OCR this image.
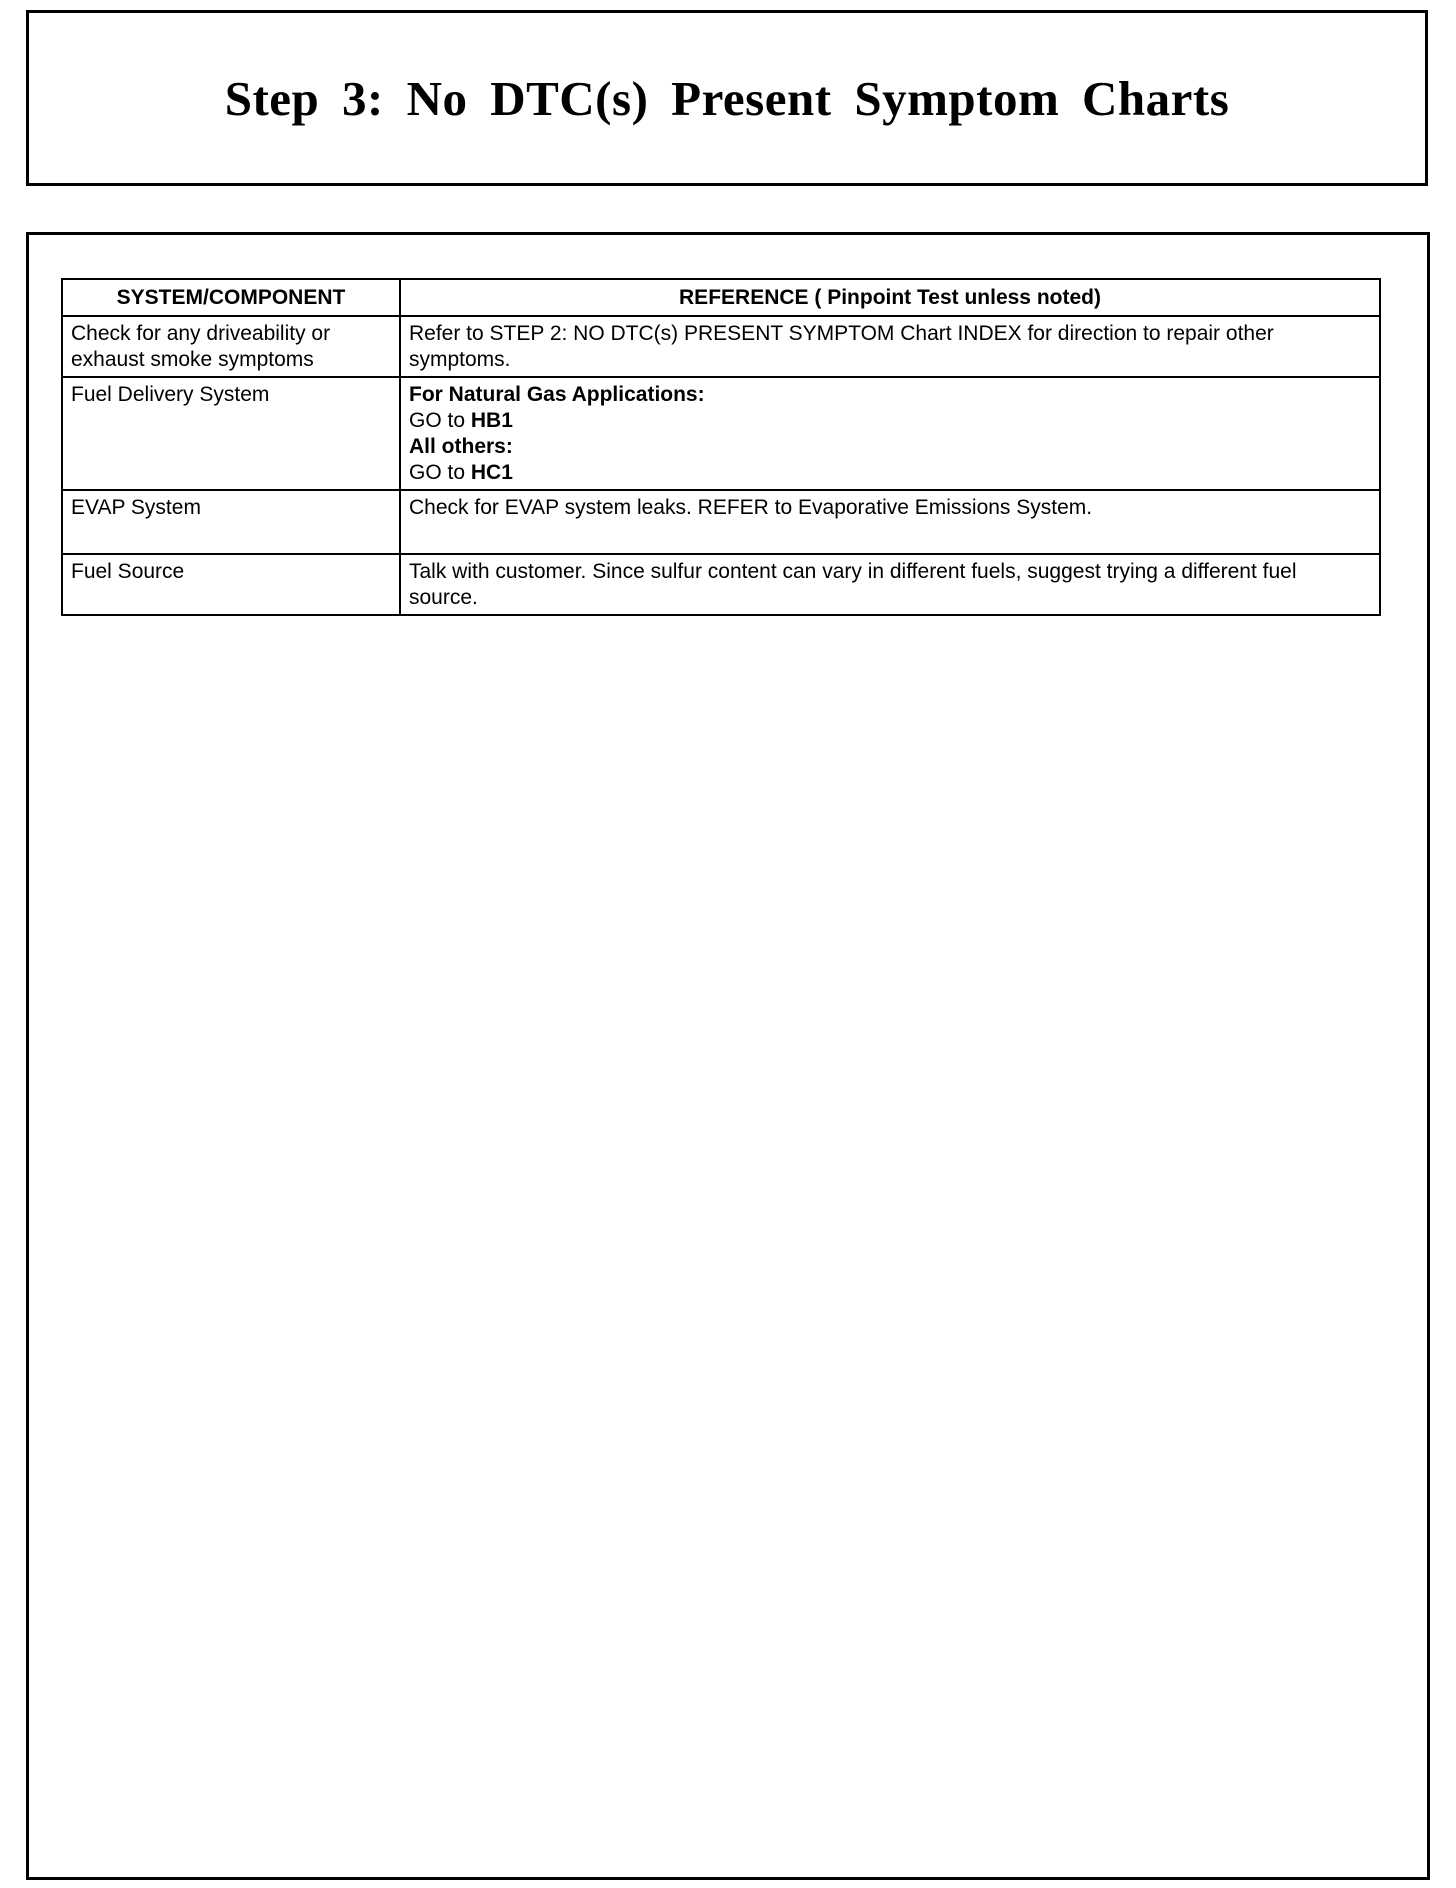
Step 3: No DTC(s) Present Symptom Charts
SYSTEM/COMPONENT	REFERENCE ( Pinpoint Test unless noted)
Check for any driveability or exhaust smoke symptoms	Refer to STEP 2: NO DTC(s) PRESENT SYMPTOM Chart INDEX for direction to repair other symptoms.
Fuel Delivery System	For Natural Gas Applications:
GO to HB1
All others:
GO to HC1

EVAP System	Check for EVAP system leaks. REFER to Evaporative Emissions System.
Fuel Source	Talk with customer. Since sulfur content can vary in different fuels, suggest trying a different fuel source.
